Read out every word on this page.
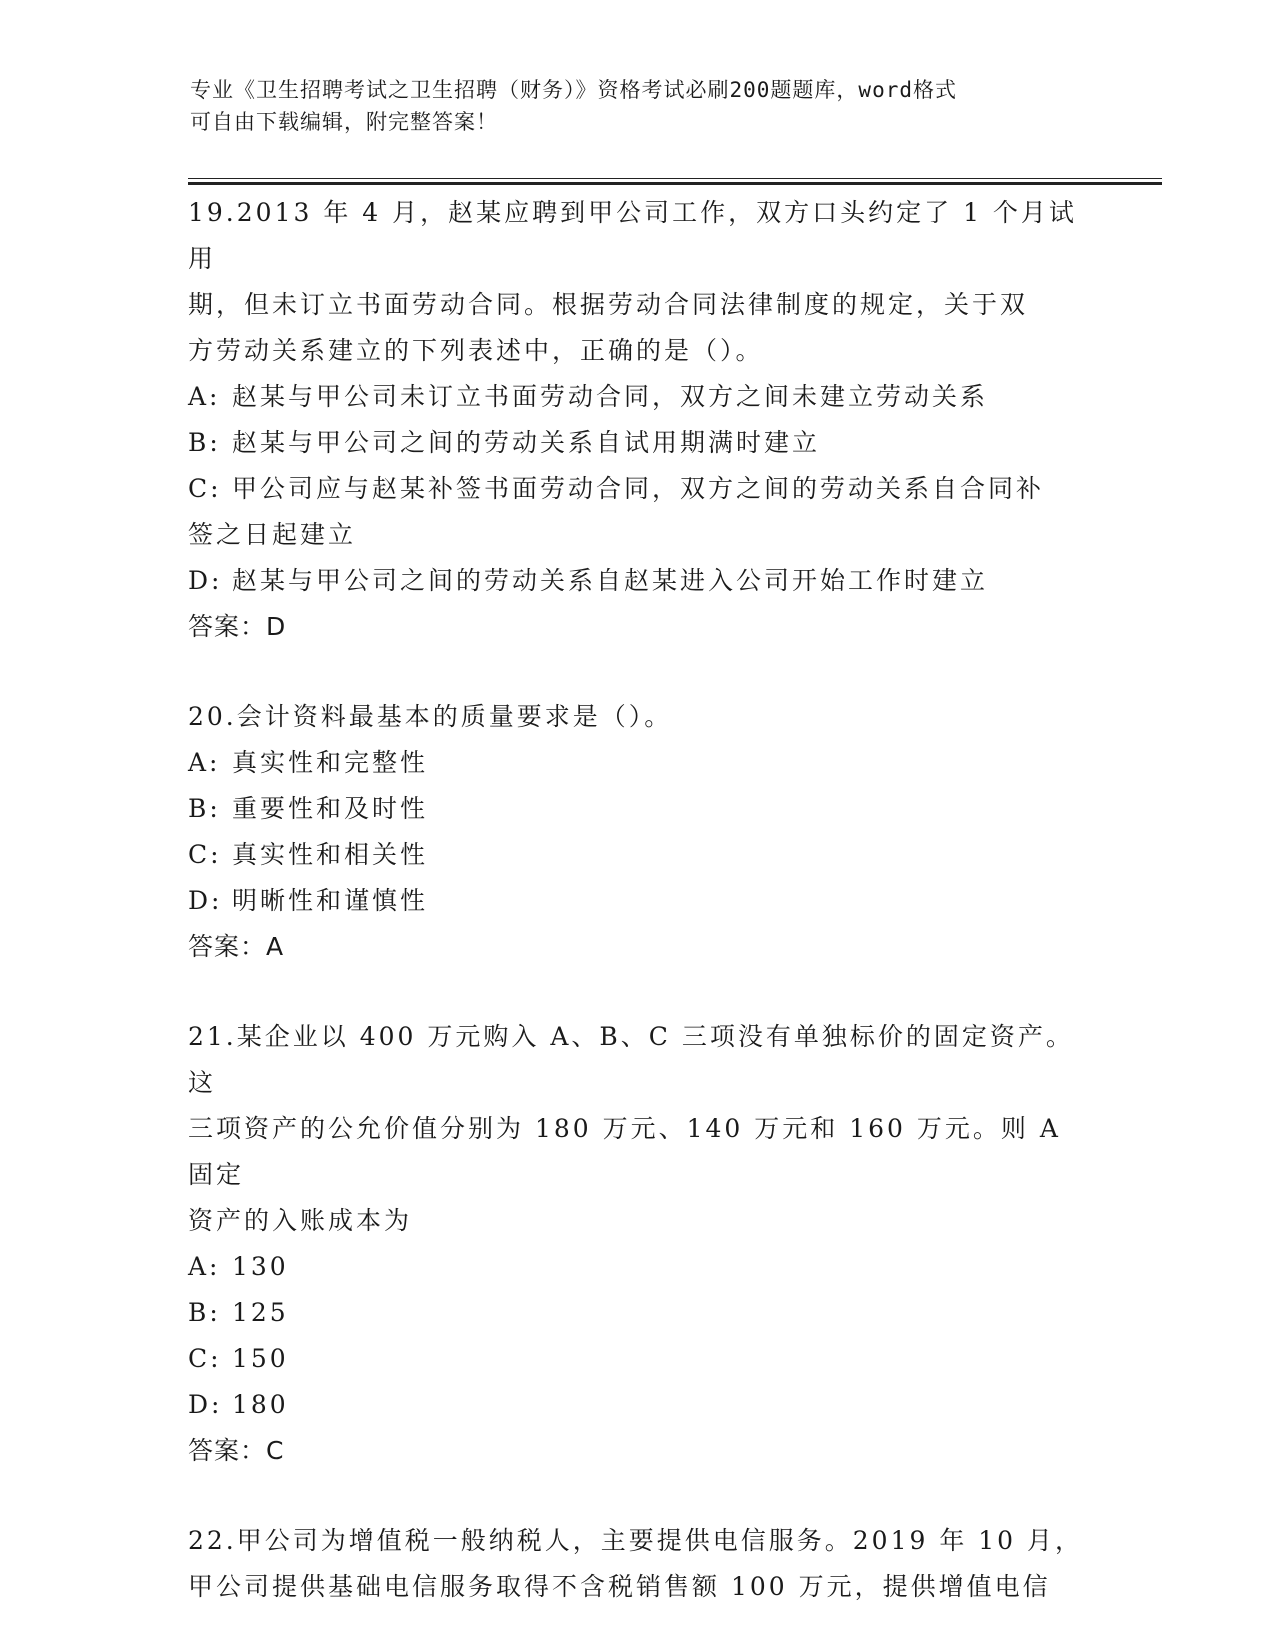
专业《卫生招聘考试之卫生招聘（财务）》资格考试必刷200题题库，word格式
可自由下载编辑，附完整答案！
19.2013 年 4 月，赵某应聘到甲公司工作，双方口头约定了 1 个月试用
期，但未订立书面劳动合同。根据劳动合同法律制度的规定，关于双
方劳动关系建立的下列表述中，正确的是（）。
A: 赵某与甲公司未订立书面劳动合同，双方之间未建立劳动关系
B: 赵某与甲公司之间的劳动关系自试用期满时建立
C: 甲公司应与赵某补签书面劳动合同，双方之间的劳动关系自合同补
签之日起建立
D: 赵某与甲公司之间的劳动关系自赵某进入公司开始工作时建立
答案：D
20.会计资料最基本的质量要求是（）。
A: 真实性和完整性
B: 重要性和及时性
C: 真实性和相关性
D: 明晰性和谨慎性
答案：A
21.某企业以 400 万元购入 A、B、C 三项没有单独标价的固定资产。这
三项资产的公允价值分别为 180 万元、140 万元和 160 万元。则 A 固定
资产的入账成本为
A: 130
B: 125
C: 150
D: 180
答案：C
22.甲公司为增值税一般纳税人，主要提供电信服务。2019 年 10 月，
甲公司提供基础电信服务取得不含税销售额 100 万元，提供增值电信
